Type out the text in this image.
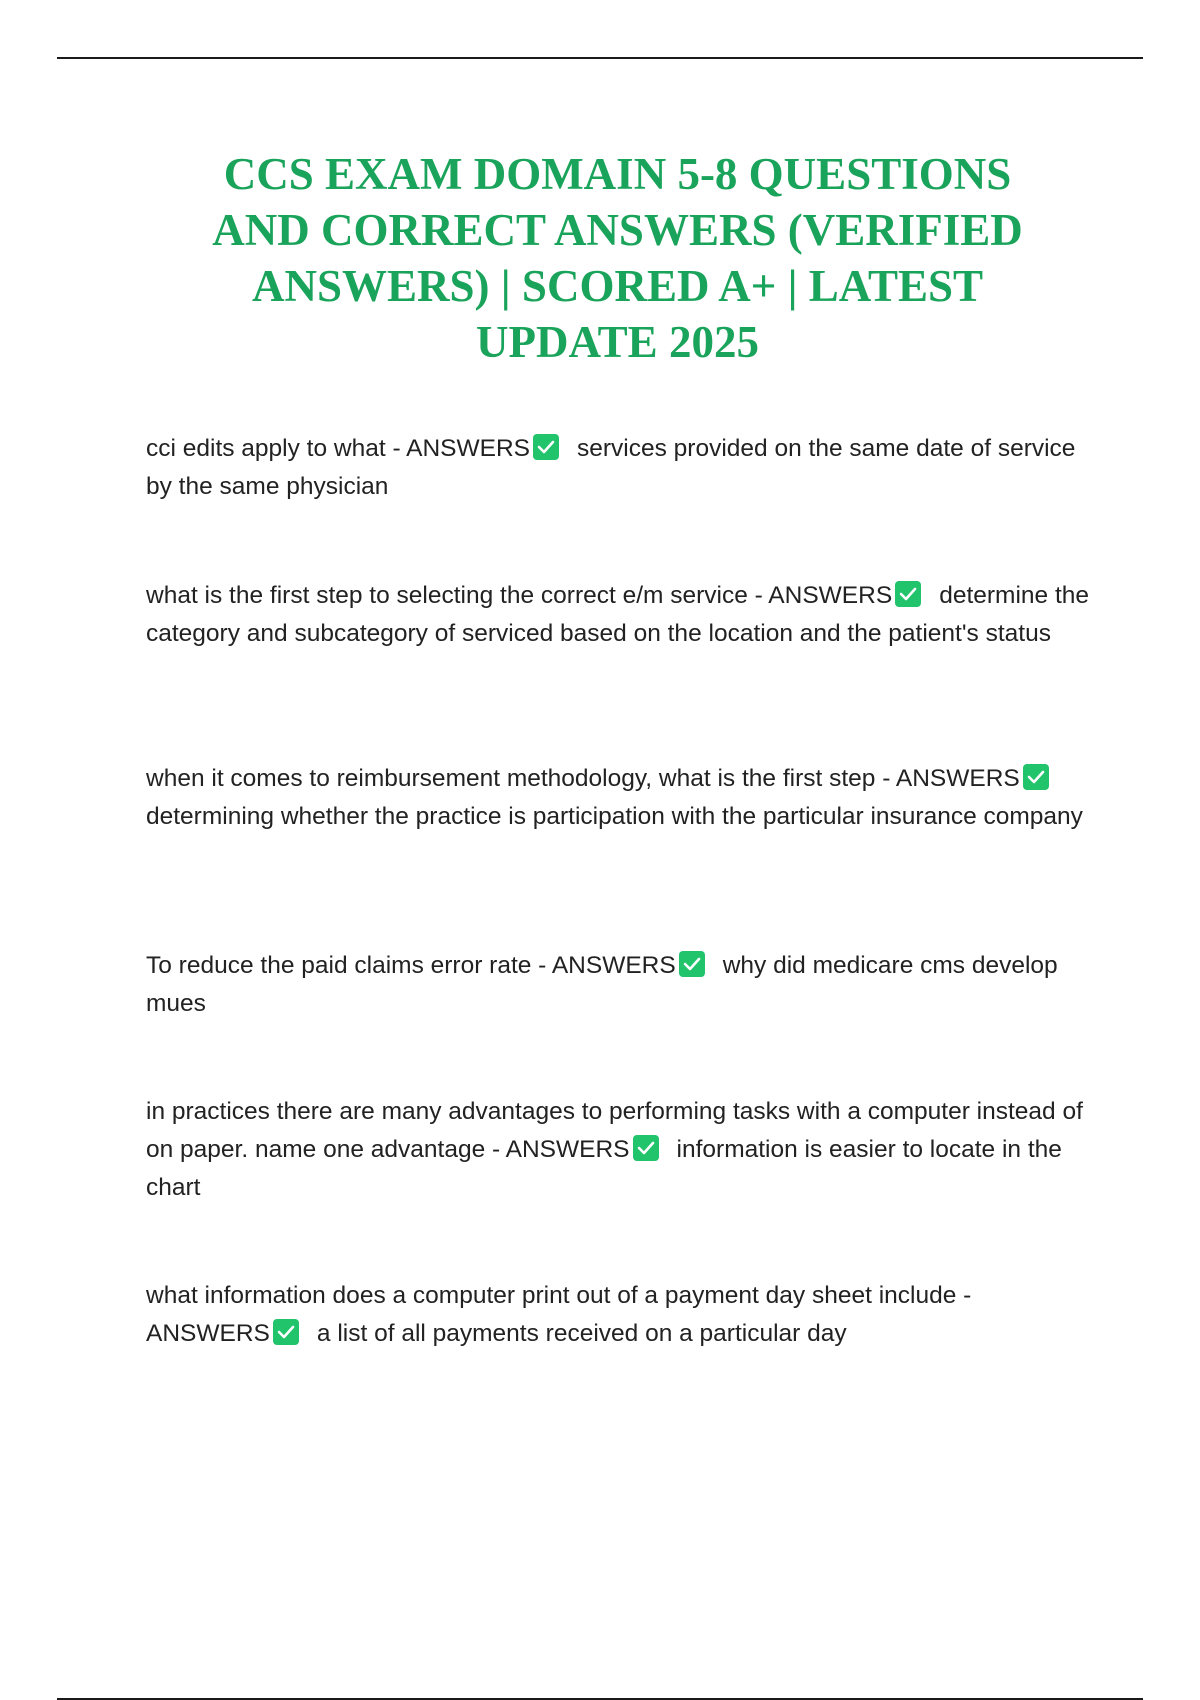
CCS EXAM DOMAIN 5-8 QUESTIONS
AND CORRECT ANSWERS (VERIFIED
ANSWERS) | SCORED A+ | LATEST
UPDATE 2025
cci edits apply to what - ANSWERS services provided on the same date of service by the same physician
what is the first step to selecting the correct e/m service - ANSWERS determine the category and subcategory of serviced based on the location and the patient's status
when it comes to reimbursement methodology, what is the first step - ANSWERS
determining whether the practice is participation with the particular insurance company
To reduce the paid claims error rate - ANSWERS why did medicare cms develop mues
in practices there are many advantages to performing tasks with a computer instead of on paper. name one advantage - ANSWERS information is easier to locate in the chart
what information does a computer print out of a payment day sheet include - ANSWERS a list of all payments received on a particular day
